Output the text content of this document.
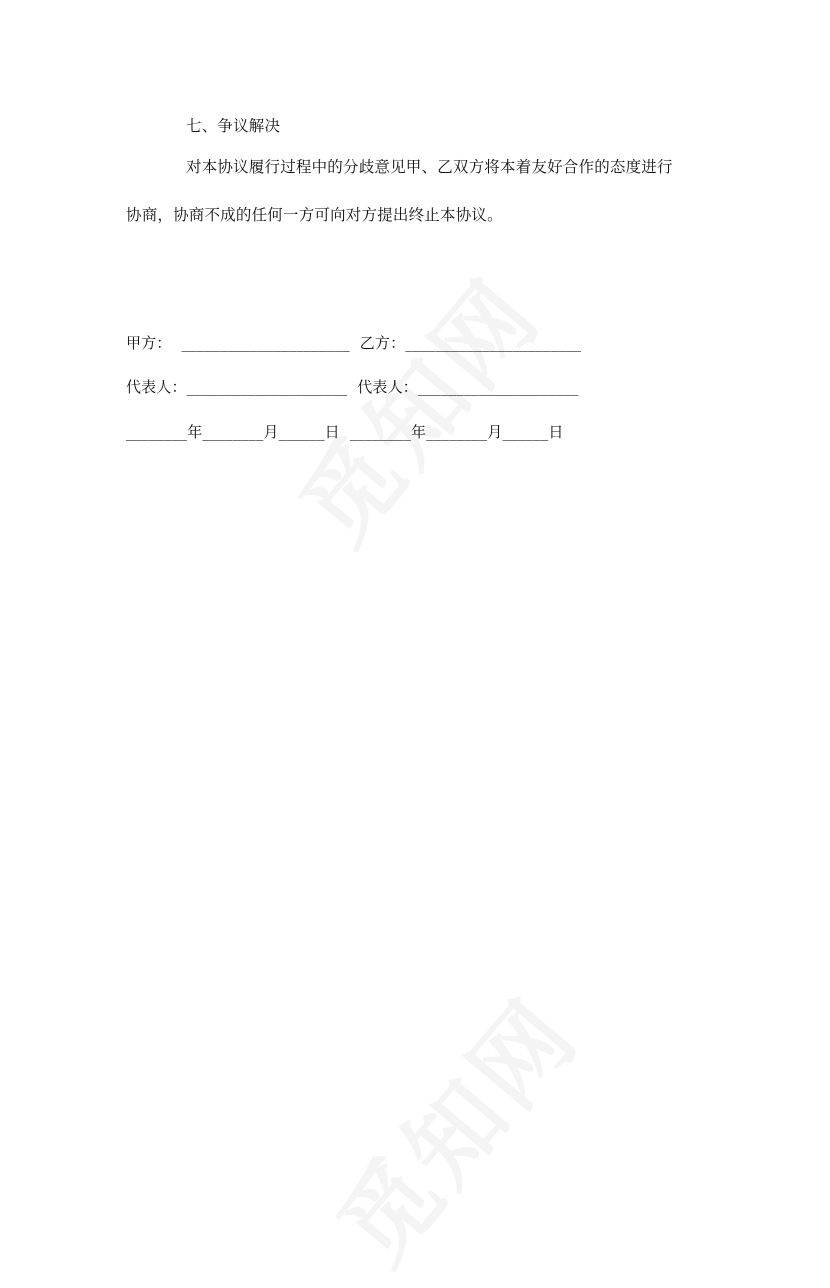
七、争议解决
对本协议履行过程中的分歧意见甲、乙双方将本着友好合作的态度进行
协商，协商不成的任何一方可向对方提出终止本协议。
甲方： ______________________ 乙方：_______________________
代表人：_____________________ 代表人：_____________________
________年________月______日 ________年________月______日
